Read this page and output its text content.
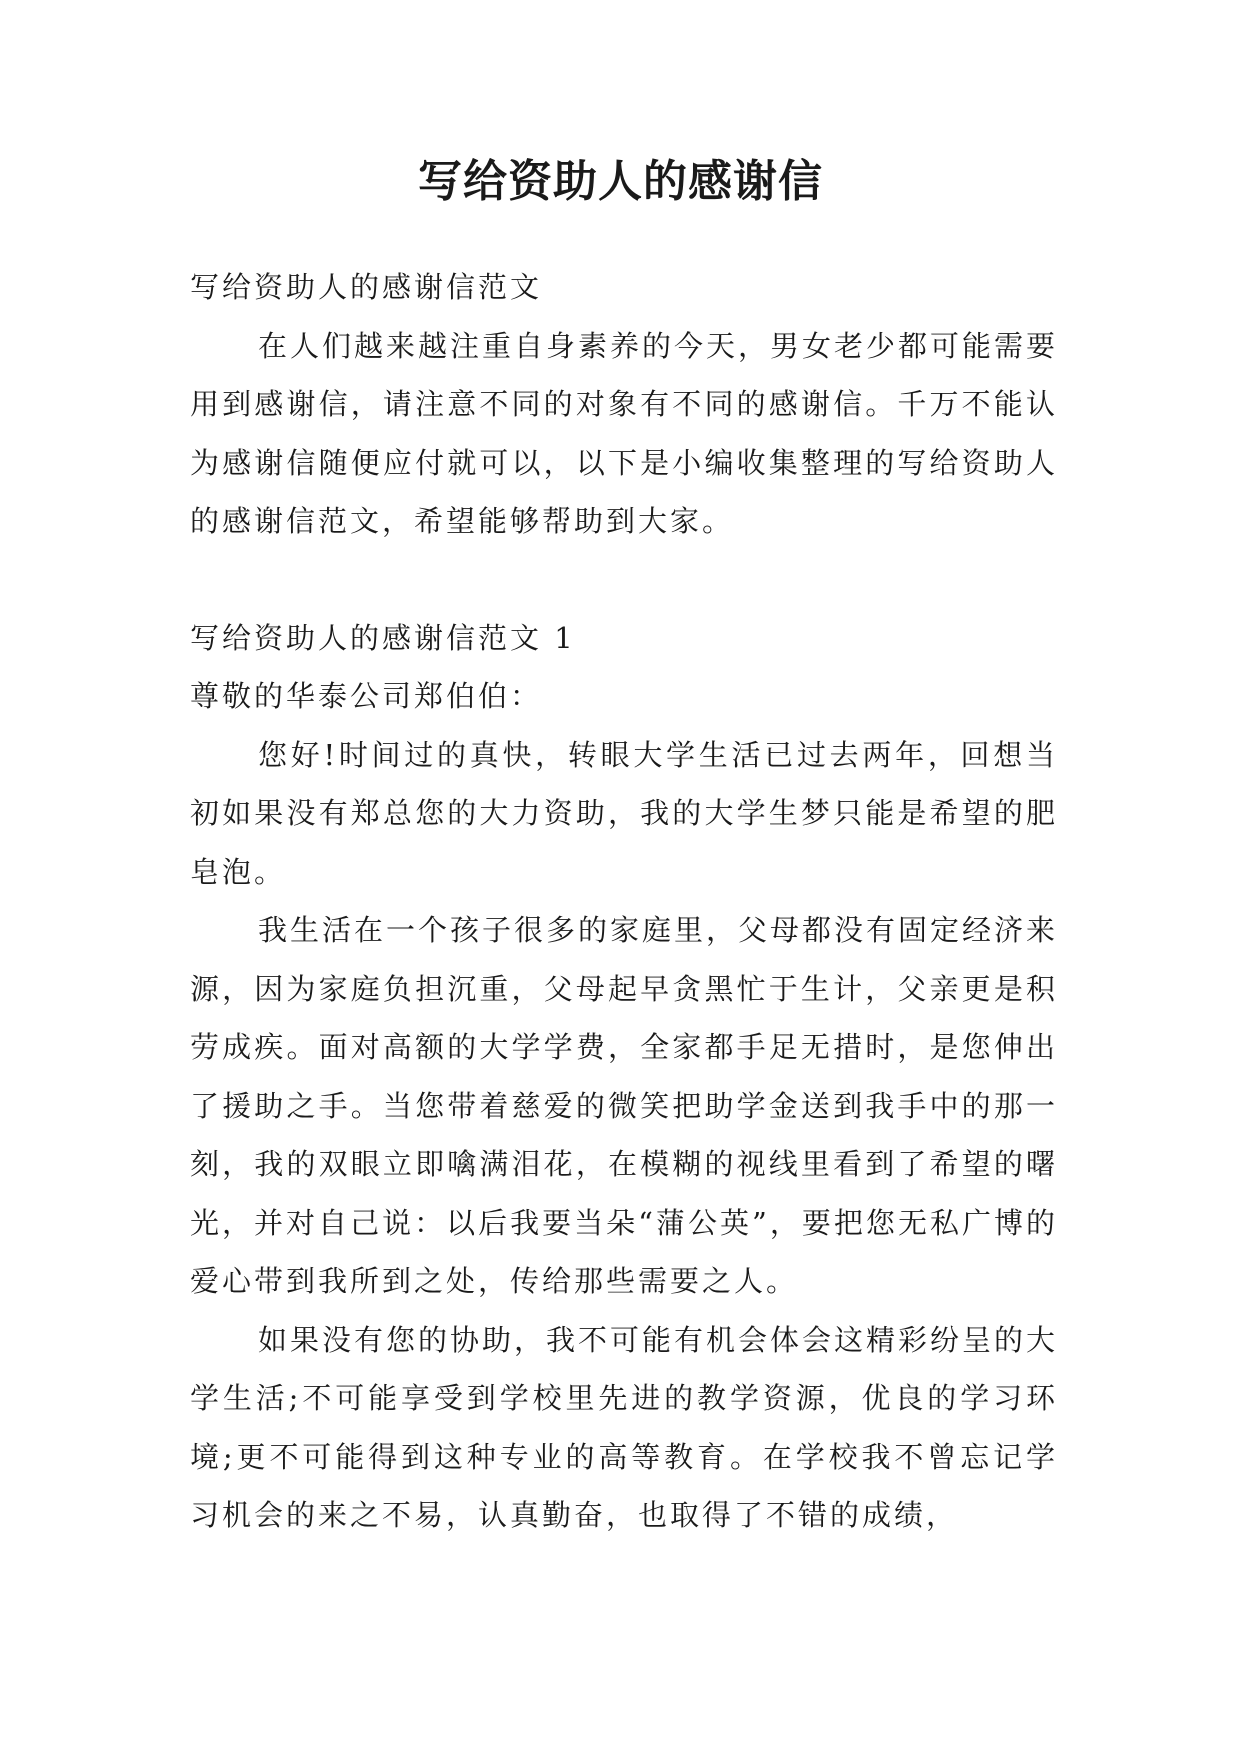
写给资助人的感谢信

写给资助人的感谢信范文

在人们越来越注重自身素养的今天，男女老少都可能需要用到感谢信，请注意不同的对象有不同的感谢信。千万不能认为感谢信随便应付就可以，以下是小编收集整理的写给资助人的感谢信范文，希望能够帮助到大家。

写给资助人的感谢信范文 1

尊敬的华泰公司郑伯伯：

您好!时间过的真快，转眼大学生活已过去两年，回想当初如果没有郑总您的大力资助，我的大学生梦只能是希望的肥皂泡。

我生活在一个孩子很多的家庭里，父母都没有固定经济来源，因为家庭负担沉重，父母起早贪黑忙于生计，父亲更是积劳成疾。面对高额的大学学费，全家都手足无措时，是您伸出了援助之手。当您带着慈爱的微笑把助学金送到我手中的那一刻，我的双眼立即噙满泪花，在模糊的视线里看到了希望的曙光，并对自己说：以后我要当朵“蒲公英”，要把您无私广博的爱心带到我所到之处，传给那些需要之人。

如果没有您的协助，我不可能有机会体会这精彩纷呈的大学生活;不可能享受到学校里先进的教学资源，优良的学习环境;更不可能得到这种专业的高等教育。在学校我不曾忘记学习机会的来之不易，认真勤奋，也取得了不错的成绩，
